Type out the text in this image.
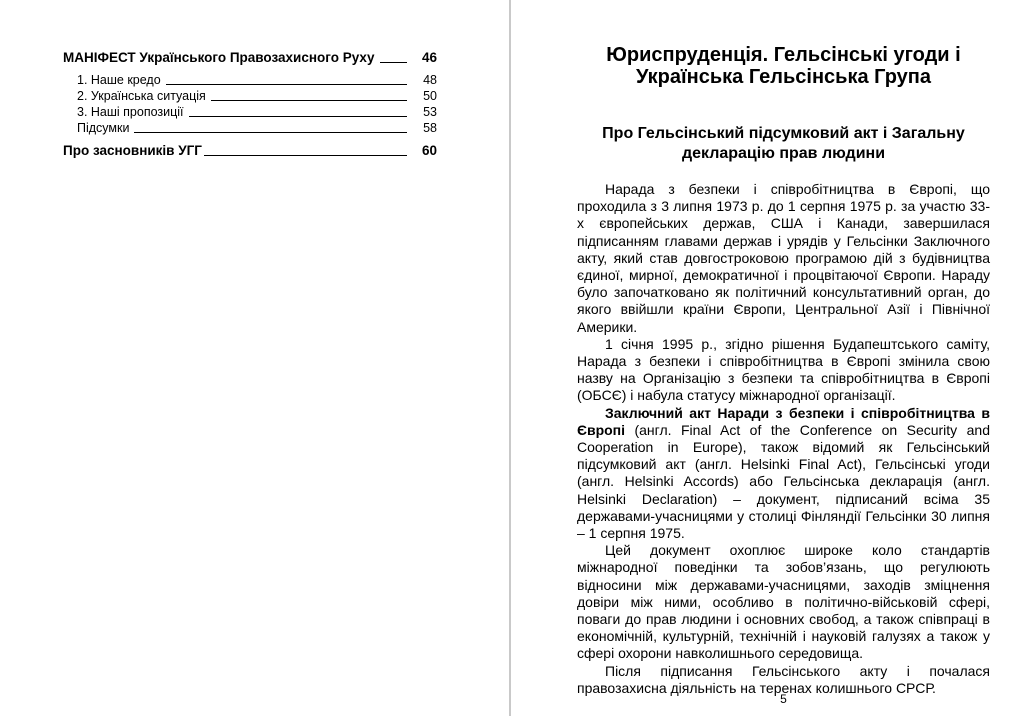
МАНІФЕСТ Українського Правозахисного Руху	46
1. Наше кредо	48
2. Українська ситуація	50
3. Наші пропозиції	53
Підсумки	58
Про засновників УГГ	60
Юриспруденція. Гельсінські угоди і
Українська Гельсінська Група
Про Гельсінський підсумковий акт і Загальну
декларацію прав людини

Нарада з безпеки і співробітництва в Європі, що проходила з 3 липня 1973 р. до 1 серпня 1975 р. за участю 33-х європейських держав, США і Канади, завершилася підписанням главами держав і урядів у Гельсінки Заключного акту, який став довгостроковою програмою дій з будівництва єдиної, мирної, демократичної і процвітаючої Європи. Нараду було започатковано як політичний консультативний орган, до якого ввійшли країни Європи, Центральної Азії і Північної Америки.

1 січня 1995 р., згідно рішення Будапештського саміту, Нарада з безпеки і співробітництва в Європі змінила свою назву на Організацію з безпеки та співробітництва в Європі (ОБСЄ) і набула статусу міжнародної організації.

Заключний акт Наради з безпеки і співробітництва в Європі (англ. Final Act of the Conference on Security and Cooperation in Europe), також відомий як Гельсінський підсумковий акт (англ. Helsinki Final Act), Гельсінські угоди (англ. Helsinki Accords) або Гельсінська декларація (англ. Helsinki Declaration) – документ, підписаний всіма 35 державами-учасницями у столиці Фінляндії Гельсінки 30 липня – 1 серпня 1975.

Цей документ охоплює широке коло стандартів міжнародної поведінки та зобов’язань, що регулюють відносини між державами-учасницями, заходів зміцнення довіри між ними, особливо в політично-військовій сфері, поваги до прав людини і основних свобод, а також співпраці в економічній, культурній, технічній і науковій галузях а також у сфері охорони навколишнього середовища.

Після підписання Гельсінського акту і почалася правозахисна діяльність на теренах колишнього СРСР.

5
